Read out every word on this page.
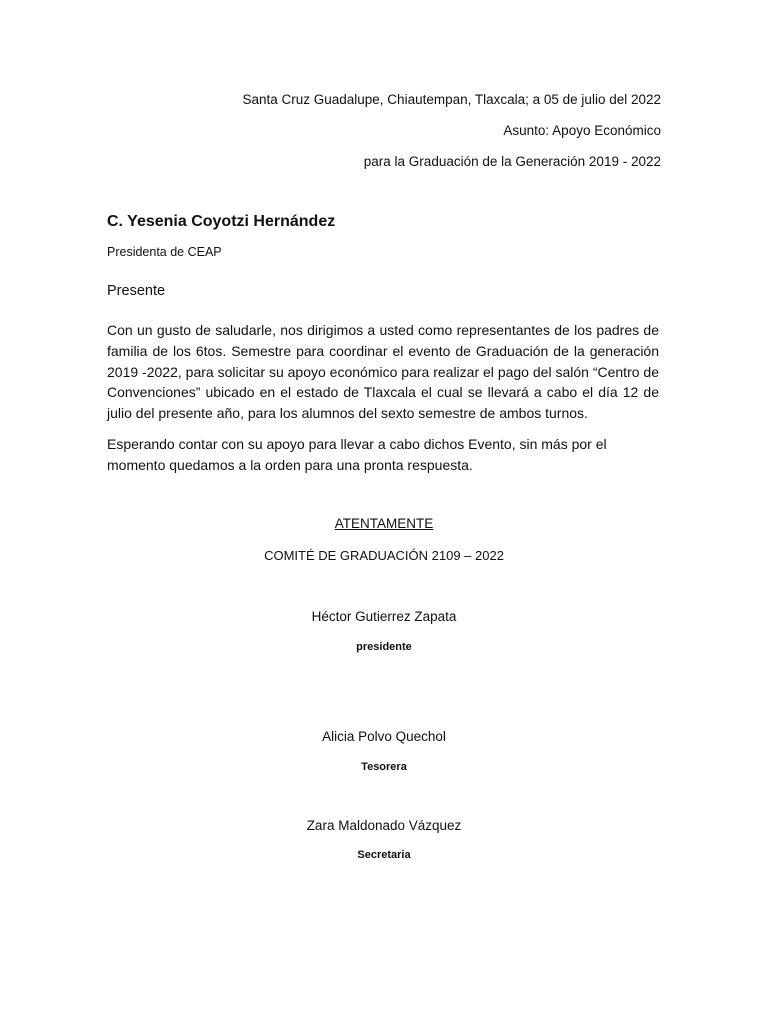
Santa Cruz Guadalupe, Chiautempan, Tlaxcala; a 05 de julio del 2022
Asunto: Apoyo Económico
para la Graduación de la Generación 2019 - 2022
C. Yesenia Coyotzi Hernández
Presidenta de CEAP
Presente

Con un gusto de saludarle, nos dirigimos a usted como representantes de los padres de familia de los 6tos. Semestre para coordinar el evento de Graduación de la generación 2019 -2022, para solicitar su apoyo económico para realizar el pago del salón “Centro de Convenciones” ubicado en el estado de Tlaxcala el cual se llevará a cabo el día 12 de julio del presente año, para los alumnos del sexto semestre de ambos turnos.

Esperando contar con su apoyo para llevar a cabo dichos Evento, sin más por el momento quedamos a la orden para una pronta respuesta.

ATENTAMENTE
COMITÉ DE GRADUACIÓN 2109 – 2022
Héctor Gutierrez Zapata
presidente
Alicia Polvo Quechol
Tesorera
Zara Maldonado Vázquez
Secretaria
